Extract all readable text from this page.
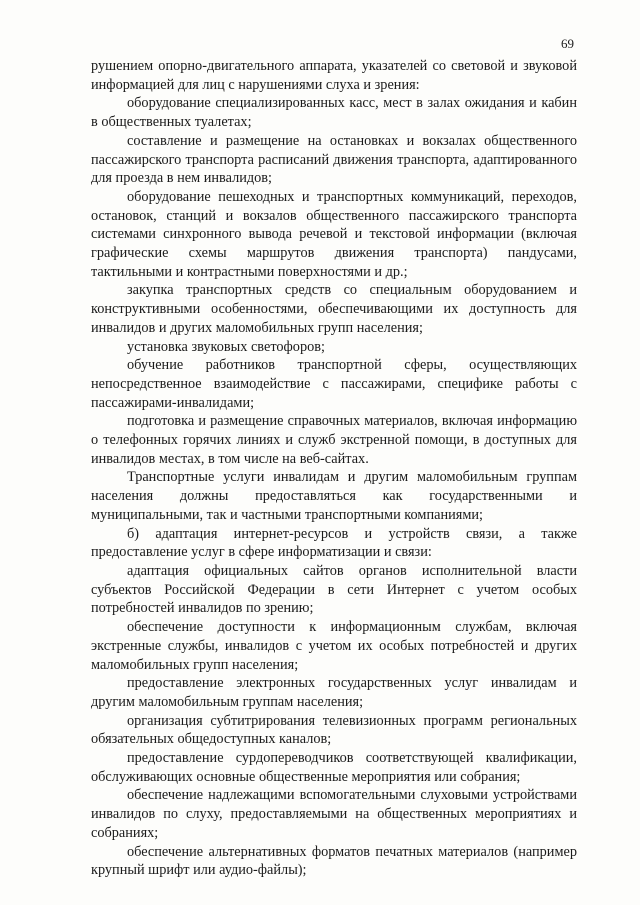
69

рушением опорно-двигательного аппарата, указателей со световой и звуковой информацией для лиц с нарушениями слуха и зрения:

оборудование специализированных касс, мест в залах ожидания и кабин в общественных туалетах;

составление и размещение на остановках и вокзалах общественного пассажирского транспорта расписаний движения транспорта, адаптированного для проезда в нем инвалидов;

оборудование пешеходных и транспортных коммуникаций, переходов, остановок, станций и вокзалов общественного пассажирского транспорта системами синхронного вывода речевой и текстовой информации (включая графические схемы маршрутов движения транспорта) пандусами, тактильными и контрастными поверхностями и др.;

закупка транспортных средств со специальным оборудованием и конструктивными особенностями, обеспечивающими их доступность для инвалидов и других маломобильных групп населения;

установка звуковых светофоров;

обучение работников транспортной сферы, осуществляющих непосредственное взаимодействие с пассажирами, специфике работы с пассажирами-инвалидами;

подготовка и размещение справочных материалов, включая информацию о телефонных горячих линиях и служб экстренной помощи, в доступных для инвалидов местах, в том числе на веб-сайтах.

Транспортные услуги инвалидам и другим маломобильным группам населения должны предоставляться как государственными и муниципальными, так и частными транспортными компаниями;

б) адаптация интернет-ресурсов и устройств связи, а также предоставление услуг в сфере информатизации и связи:

адаптация официальных сайтов органов исполнительной власти субъектов Российской Федерации в сети Интернет с учетом особых потребностей инвалидов по зрению;

обеспечение доступности к информационным службам, включая экстренные службы, инвалидов с учетом их особых потребностей и других маломобильных групп населения;

предоставление электронных государственных услуг инвалидам и другим маломобильным группам населения;

организация субтитрирования телевизионных программ региональных обязательных общедоступных каналов;

предоставление сурдопереводчиков соответствующей квалификации, обслуживающих основные общественные мероприятия или собрания;

обеспечение надлежащими вспомогательными слуховыми устройствами инвалидов по слуху, предоставляемыми на общественных мероприятиях и собраниях;

обеспечение альтернативных форматов печатных материалов (например крупный шрифт или аудио-файлы);
